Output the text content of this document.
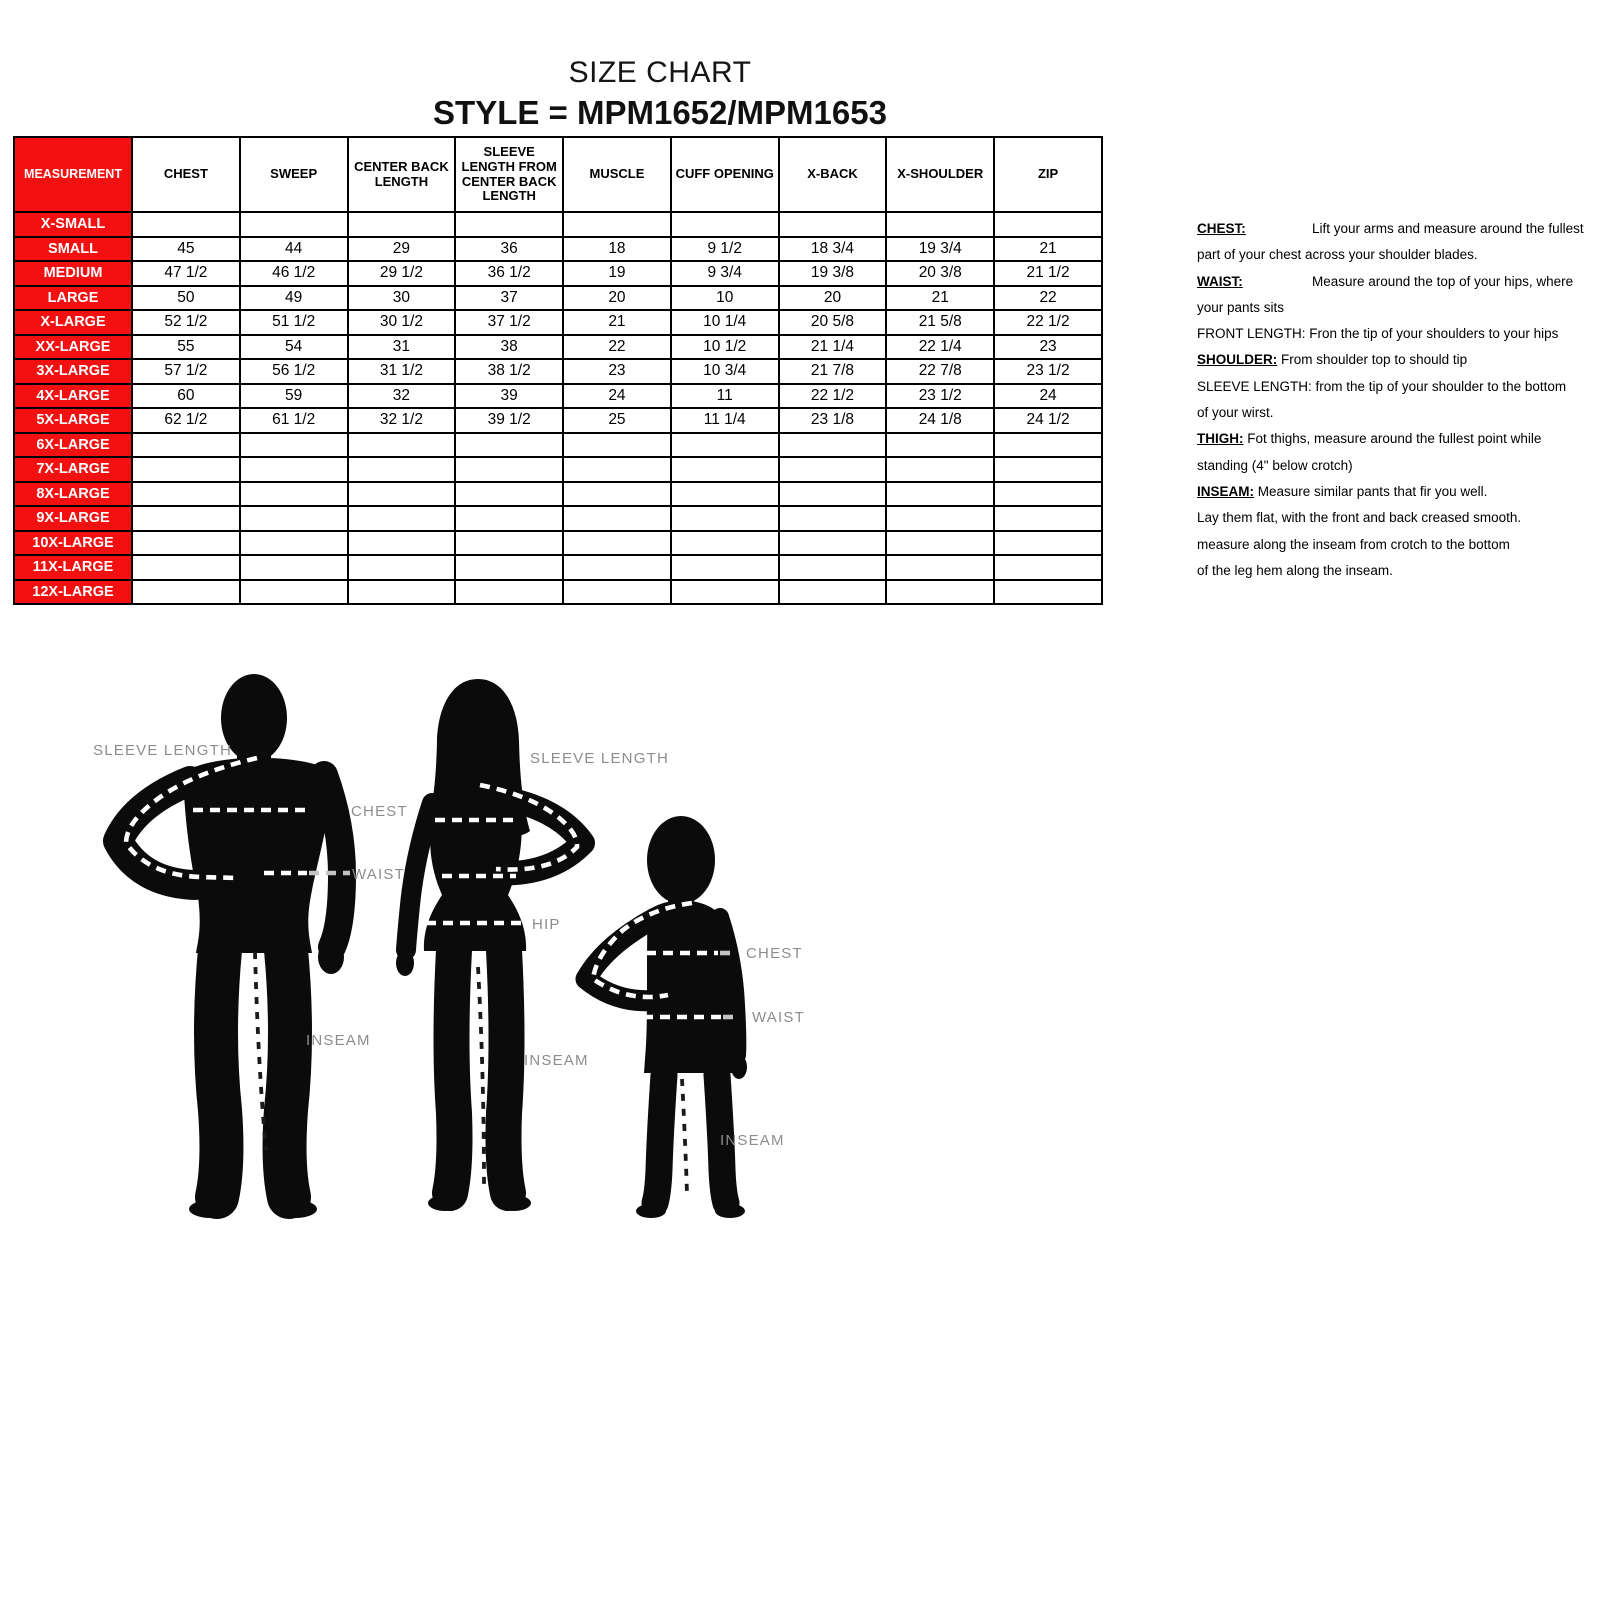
SIZE CHART
STYLE = MPM1652/MPM1653
MEASUREMENT	CHEST	SWEEP	CENTER BACK LENGTH	SLEEVE LENGTH FROM CENTER BACK LENGTH	MUSCLE	CUFF OPENING	X-BACK	X-SHOULDER	ZIP
X-SMALL									
SMALL	45	44	29	36	18	9 1/2	18 3/4	19 3/4	21
MEDIUM	47 1/2	46 1/2	29 1/2	36 1/2	19	9 3/4	19 3/8	20 3/8	21 1/2
LARGE	50	49	30	37	20	10	20	21	22
X-LARGE	52 1/2	51 1/2	30 1/2	37 1/2	21	10 1/4	20 5/8	21 5/8	22 1/2
XX-LARGE	55	54	31	38	22	10 1/2	21 1/4	22 1/4	23
3X-LARGE	57 1/2	56 1/2	31 1/2	38 1/2	23	10 3/4	21 7/8	22 7/8	23 1/2
4X-LARGE	60	59	32	39	24	11	22 1/2	23 1/2	24
5X-LARGE	62 1/2	61 1/2	32 1/2	39 1/2	25	11 1/4	23 1/8	24 1/8	24 1/2
6X-LARGE									
7X-LARGE									
8X-LARGE									
9X-LARGE									
10X-LARGE									
11X-LARGE									
12X-LARGE									
CHEST:	Lift your arms and measure around the fullest
part of your chest across your shoulder blades.
WAIST:	Measure around the top of your hips, where
your pants sits
FRONT LENGTH: Fron the tip of your shoulders to your hips
SHOULDER: From shoulder top to should tip
SLEEVE LENGTH: from the tip of your shoulder to the bottom
of your wirst.
THIGH: Fot thighs, measure around the fullest point while
standing (4" below crotch)
INSEAM: Measure similar pants that fir you well.
Lay them flat, with the front and back creased smooth.
measure along the inseam from crotch to the bottom
of the leg hem along the inseam.
SLEEVE LENGTH
CHEST
WAIST
INSEAM
SLEEVE LENGTH
HIP
INSEAM
CHEST
WAIST
INSEAM
